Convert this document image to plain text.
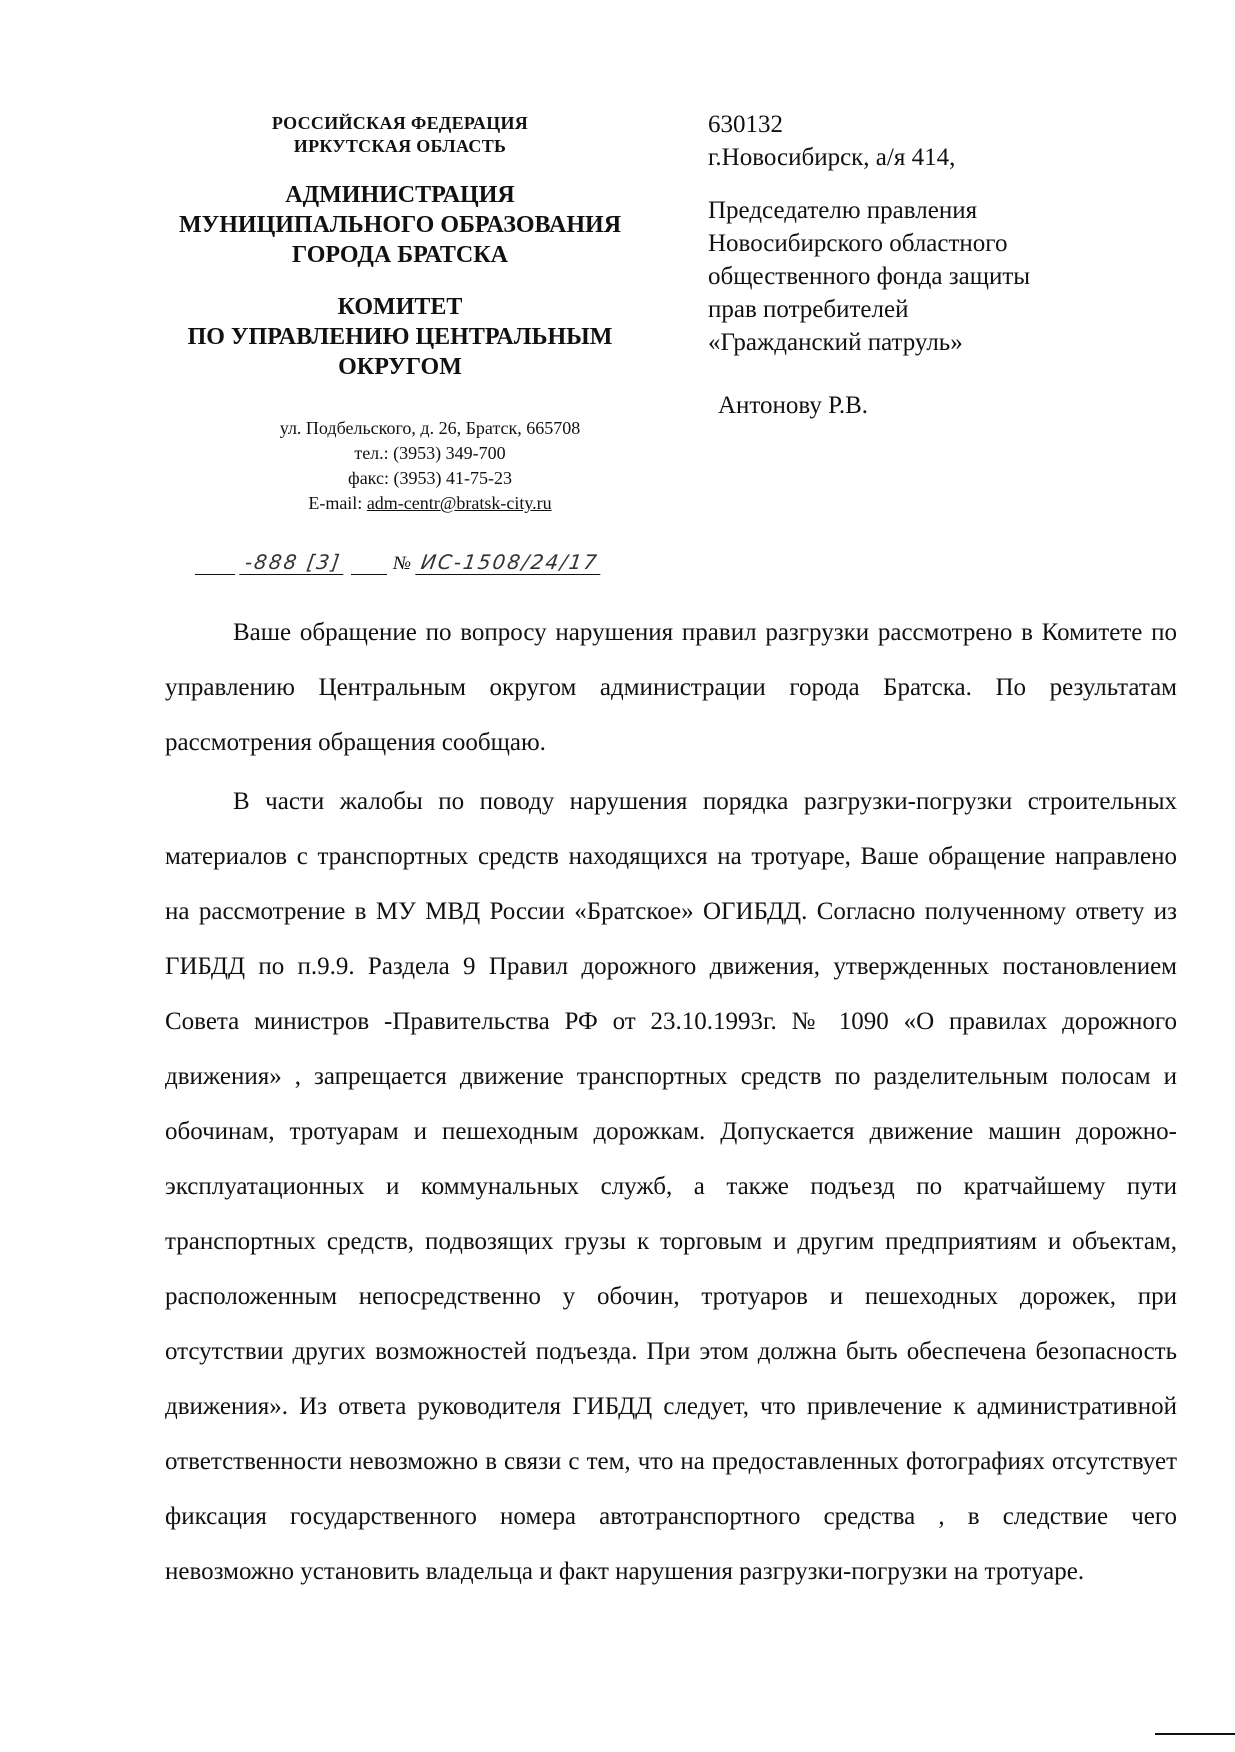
РОССИЙСКАЯ ФЕДЕРАЦИЯ
ИРКУТСКАЯ ОБЛАСТЬ
АДМИНИСТРАЦИЯ
МУНИЦИПАЛЬНОГО ОБРАЗОВАНИЯ
ГОРОДА БРАТСКА
КОМИТЕТ
ПО УПРАВЛЕНИЮ ЦЕНТРАЛЬНЫМ
ОКРУГОМ
ул. Подбельского, д. 26, Братск, 665708
тел.: (3953) 349-700
факс: (3953) 41-75-23
E-mail: adm-centr@bratsk-city.ru
-888 [3]	№ ИС-1508/24/17
630132
г.Новосибирск, а/я 414,
Председателю правления
Новосибирского областного
общественного фонда защиты
прав потребителей
«Гражданский патруль»
Антонову Р.В.

Ваше обращение по вопросу нарушения правил разгрузки рассмотрено в Комитете по управлению Центральным округом администрации города Братска. По результатам рассмотрения обращения сообщаю.

В части жалобы по поводу нарушения порядка разгрузки-погрузки строительных материалов с транспортных средств находящихся на тротуаре, Ваше обращение направлено на рассмотрение в МУ МВД России «Братское» ОГИБДД. Согласно полученному ответу из ГИБДД по п.9.9. Раздела 9 Правил дорожного движения, утвержденных постановлением Совета министров -Правительства РФ от 23.10.1993г. № 1090 «О правилах дорожного движения» , запрещается движение транспортных средств по разделительным полосам и обочинам, тротуарам и пешеходным дорожкам. Допускается движение машин дорожно-эксплуатационных и коммунальных служб, а также подъезд по кратчайшему пути транспортных средств, подвозящих грузы к торговым и другим предприятиям и объектам, расположенным непосредственно у обочин, тротуаров и пешеходных дорожек, при отсутствии других возможностей подъезда. При этом должна быть обеспечена безопасность движения». Из ответа руководителя ГИБДД следует, что привлечение к административной ответственности невозможно в связи с тем, что на предоставленных фотографиях отсутствует фиксация государственного номера автотранспортного средства , в следствие чего невозможно установить владельца и факт нарушения разгрузки-погрузки на тротуаре.
